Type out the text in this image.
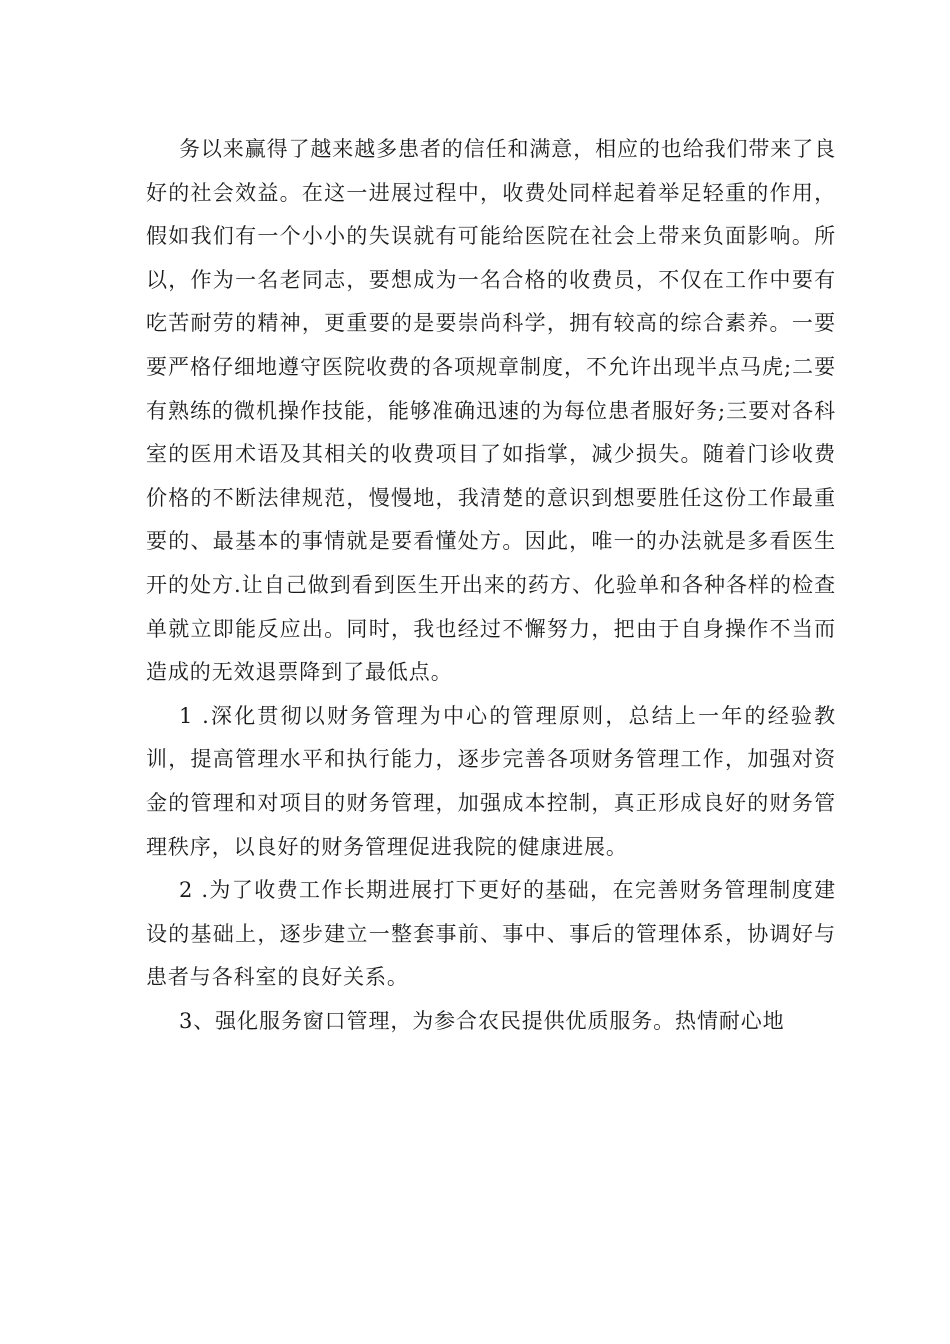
务以来赢得了越来越多患者的信任和满意，相应的也给我们带来了良好的社会效益。在这一进展过程中，收费处同样起着举足轻重的作用，假如我们有一个小小的失误就有可能给医院在社会上带来负面影响。所以，作为一名老同志，要想成为一名合格的收费员，不仅在工作中要有吃苦耐劳的精神，更重要的是要崇尚科学，拥有较高的综合素养。一要要严格仔细地遵守医院收费的各项规章制度，不允许出现半点马虎;二要有熟练的微机操作技能，能够准确迅速的为每位患者服好务;三要对各科室的医用术语及其相关的收费项目了如指掌，减少损失。随着门诊收费价格的不断法律规范，慢慢地，我清楚的意识到想要胜任这份工作最重要的、最基本的事情就是要看懂处方。因此，唯一的办法就是多看医生开的处方.让自己做到看到医生开出来的药方、化验单和各种各样的检查单就立即能反应出。同时，我也经过不懈努力，把由于自身操作不当而造成的无效退票降到了最低点。

1 .深化贯彻以财务管理为中心的管理原则，总结上一年的经验教训，提高管理水平和执行能力，逐步完善各项财务管理工作，加强对资金的管理和对项目的财务管理，加强成本控制，真正形成良好的财务管理秩序，以良好的财务管理促进我院的健康进展。

2 .为了收费工作长期进展打下更好的基础，在完善财务管理制度建设的基础上，逐步建立一整套事前、事中、事后的管理体系，协调好与患者与各科室的良好关系。

3、强化服务窗口管理，为参合农民提供优质服务。热情耐心地
